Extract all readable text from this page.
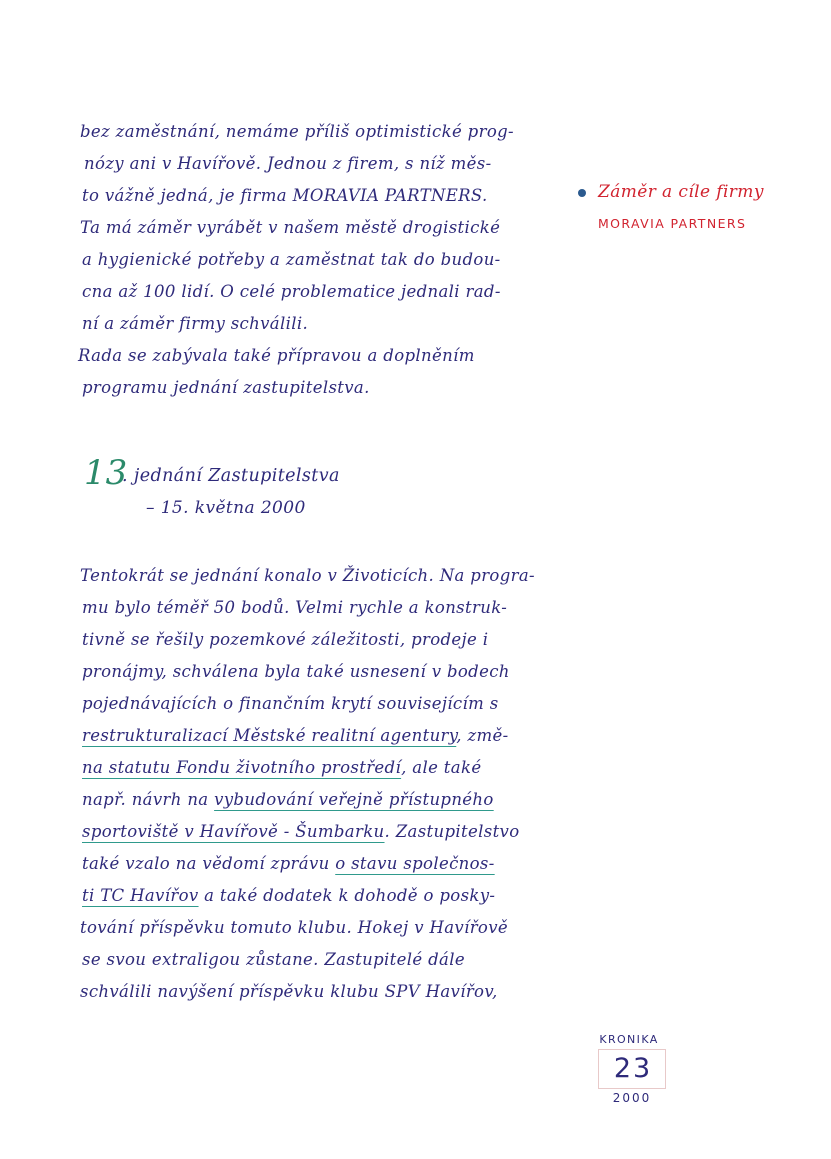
bez zaměstnání, nemáme příliš optimistické prog-
nózy ani v Havířově. Jednou z firem, s níž měs-
to vážně jedná, je firma MORAVIA PARTNERS.
Ta má záměr vyrábět v našem městě drogistické
a hygienické potřeby a zaměstnat tak do budou-
cna až 100 lidí. O celé problematice jednali rad-
ní a záměr firmy schválili.
Rada se zabývala také přípravou a doplněním
programu jednání zastupitelstva.
Záměr a cíle firmy
MORAVIA PARTNERS
13
. jednání Zastupitelstva
– 15. května 2000
Tentokrát se jednání konalo v Životicích. Na progra-
mu bylo téměř 50 bodů. Velmi rychle a konstruk-
tivně se řešily pozemkové záležitosti, prodeje i
pronájmy, schválena byla také usnesení v bodech
pojednávajících o finančním krytí souvisejícím s
restrukturalizací Městské realitní agentury, změ-
na statutu Fondu životního prostředí, ale také
např. návrh na vybudování veřejně přístupného
sportoviště v Havířově - Šumbarku. Zastupitelstvo
také vzalo na vědomí zprávu o stavu společnos-
ti TC Havířov a také dodatek k dohodě o posky-
tování příspěvku tomuto klubu. Hokej v Havířově
se svou extraligou zůstane. Zastupitelé dále
schválili navýšení příspěvku klubu SPV Havířov,
KRONIKA
23
2000
